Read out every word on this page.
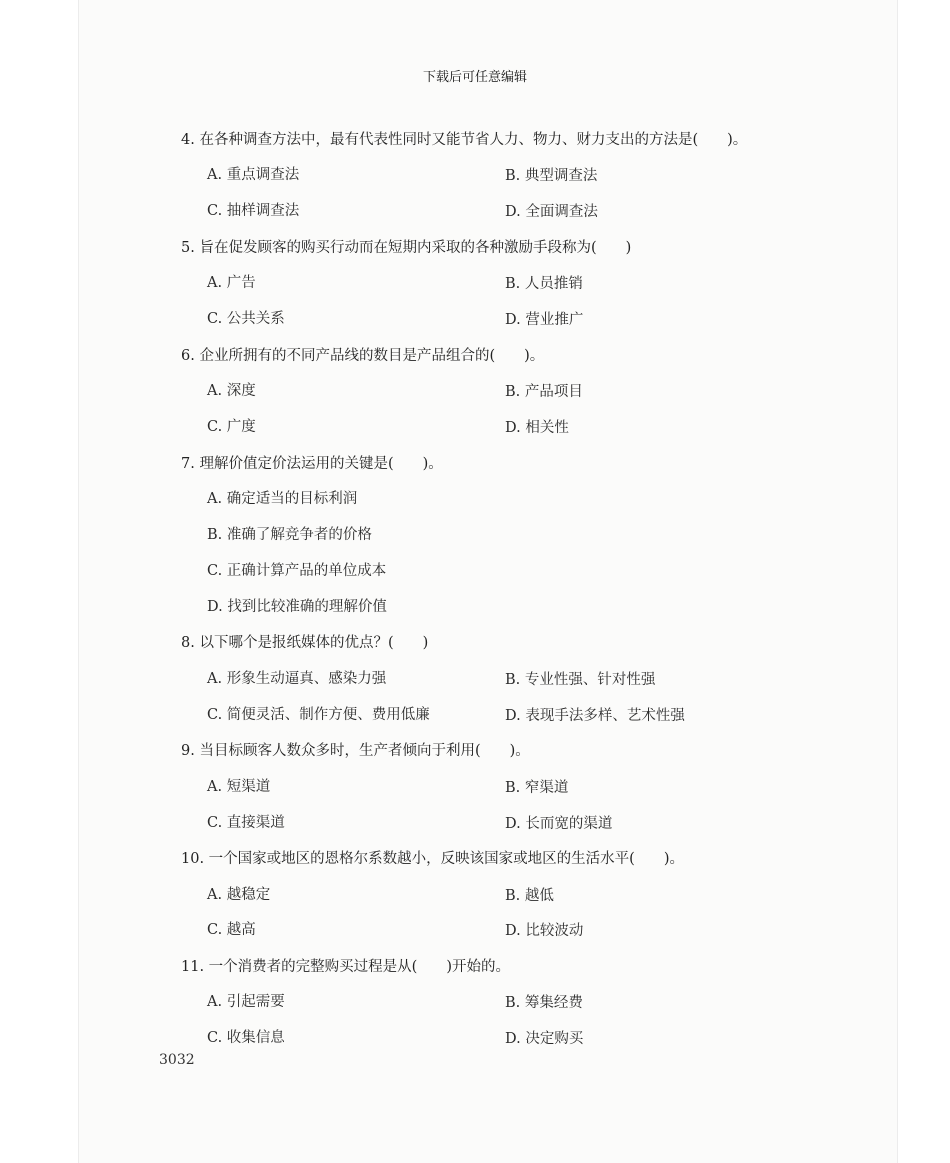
下载后可任意编辑
4. 在各种调查方法中，最有代表性同时又能节省人力、物力、财力支出的方法是(　　)。
A. 重点调查法	B. 典型调查法
C. 抽样调查法	D. 全面调查法
5. 旨在促发顾客的购买行动而在短期内采取的各种激励手段称为(　　)
A. 广告	B. 人员推销
C. 公共关系	D. 营业推广
6. 企业所拥有的不同产品线的数目是产品组合的(　　)。
A. 深度	B. 产品项目
C. 广度	D. 相关性
7. 理解价值定价法运用的关键是(　　)。
A. 确定适当的目标利润
B. 准确了解竞争者的价格
C. 正确计算产品的单位成本
D. 找到比较准确的理解价值
8. 以下哪个是报纸媒体的优点？(　　)
A. 形象生动逼真、感染力强	B. 专业性强、针对性强
C. 简便灵活、制作方便、费用低廉	D. 表现手法多样、艺术性强
9. 当目标顾客人数众多时，生产者倾向于利用(　　)。
A. 短渠道	B. 窄渠道
C. 直接渠道	D. 长而宽的渠道
10. 一个国家或地区的恩格尔系数越小，反映该国家或地区的生活水平(　　)。
A. 越稳定	B. 越低
C. 越高	D. 比较波动
11. 一个消费者的完整购买过程是从(　　)开始的。
A. 引起需要	B. 筹集经费
C. 收集信息	D. 决定购买
3032
